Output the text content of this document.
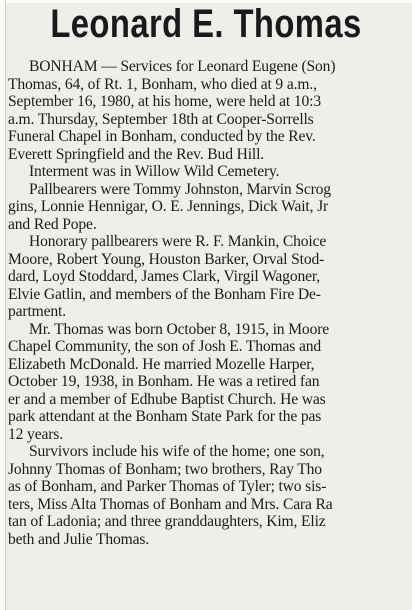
Leonard E. Thomas
BONHAM — Services for Leonard Eugene (Son)
Thomas, 64, of Rt. 1, Bonham, who died at 9 a.m.,
September 16, 1980, at his home, were held at 10:3
a.m. Thursday, September 18th at Cooper-Sorrells
Funeral Chapel in Bonham, conducted by the Rev.
Everett Springfield and the Rev. Bud Hill.
Interment was in Willow Wild Cemetery.
Pallbearers were Tommy Johnston, Marvin Scrog
gins, Lonnie Hennigar, O. E. Jennings, Dick Wait, Jr
and Red Pope.
Honorary pallbearers were R. F. Mankin, Choice
Moore, Robert Young, Houston Barker, Orval Stod-
dard, Loyd Stoddard, James Clark, Virgil Wagoner,
Elvie Gatlin, and members of the Bonham Fire De-
partment.
Mr. Thomas was born October 8, 1915, in Moore
Chapel Community, the son of Josh E. Thomas and
Elizabeth McDonald. He married Mozelle Harper,
October 19, 1938, in Bonham. He was a retired fan
er and a member of Edhube Baptist Church. He was
park attendant at the Bonham State Park for the pas
12 years.
Survivors include his wife of the home; one son,
Johnny Thomas of Bonham; two brothers, Ray Tho
as of Bonham, and Parker Thomas of Tyler; two sis-
ters, Miss Alta Thomas of Bonham and Mrs. Cara Ra
tan of Ladonia; and three granddaughters, Kim, Eliz
beth and Julie Thomas.
